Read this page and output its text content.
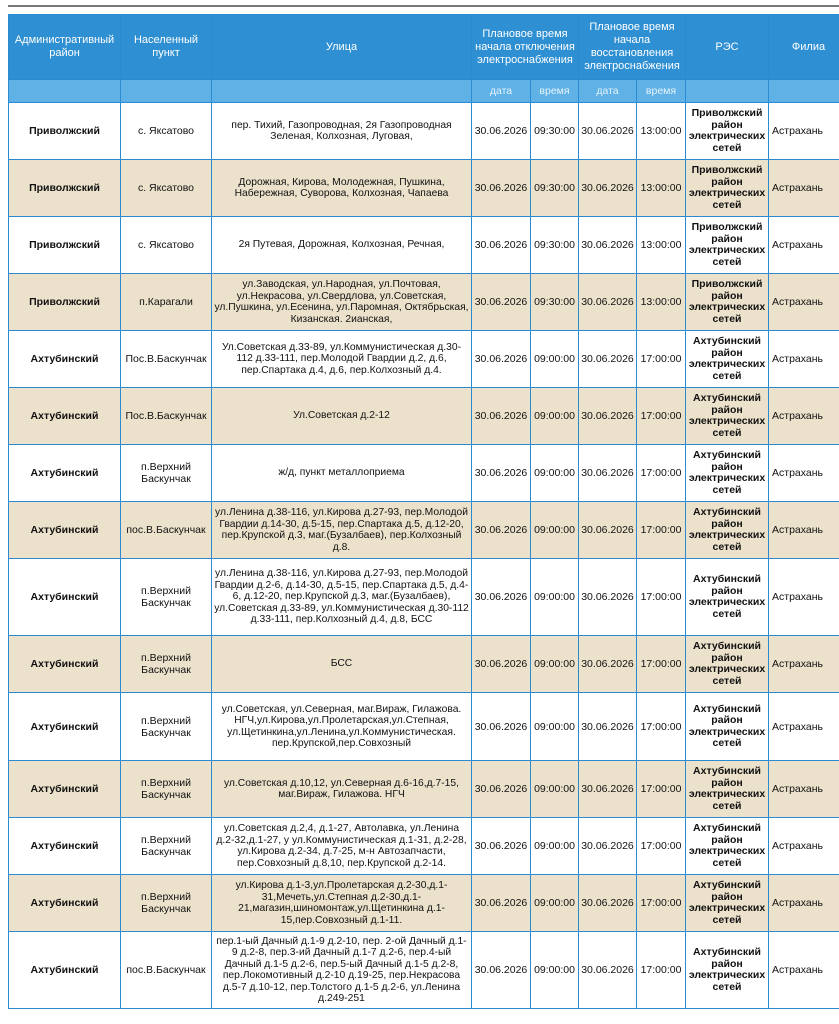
Административный район	Населенный пункт	Улица	Плановое время начала отключения электроснабжения		Плановое время начала восстановления электроснабжения		РЭС	Филиа
			дата	время	дата	время		
Приволжский	с. Яксатово	пер. Тихий, Газопроводная, 2я Газопроводная Зеленая, Колхозная, Луговая,	30.06.2026	09:30:00	30.06.2026	13:00:00	Приволжский район электрических сетей	Астрахань
Приволжский	с. Яксатово	Дорожная, Кирова, Молодежная, Пушкина, Набережная, Суворова, Колхозная, Чапаева	30.06.2026	09:30:00	30.06.2026	13:00:00	Приволжский район электрических сетей	Астрахань
Приволжский	с. Яксатово	2я Путевая, Дорожная, Колхозная, Речная,	30.06.2026	09:30:00	30.06.2026	13:00:00	Приволжский район электрических сетей	Астрахань
Приволжский	п.Карагали	ул.Заводская, ул.Народная, ул.Почтовая, ул.Некрасова, ул.Свердлова, ул.Советская, ул.Пушкина, ул.Есенина, ул.Паромная, Октябрьская, Кизанская. 2ианская,	30.06.2026	09:30:00	30.06.2026	13:00:00	Приволжский район электрических сетей	Астрахань
Ахтубинский	Пос.В.Баскунчак	Ул.Советская д.33-89, ул.Коммунистическая д.30-112 д.33-111, пер.Молодой Гвардии д.2, д.6, пер.Спартака д.4, д.6, пер.Колхозный д.4.	30.06.2026	09:00:00	30.06.2026	17:00:00	Ахтубинский район электрических сетей	Астрахань
Ахтубинский	Пос.В.Баскунчак	Ул.Советская д.2-12	30.06.2026	09:00:00	30.06.2026	17:00:00	Ахтубинский район электрических сетей	Астрахань
Ахтубинский	п.Верхний Баскунчак	ж/д, пункт металлоприема	30.06.2026	09:00:00	30.06.2026	17:00:00	Ахтубинский район электрических сетей	Астрахань
Ахтубинский	пос.В.Баскунчак	ул.Ленина д.38-116, ул.Кирова д.27-93, пер.Молодой Гвардии д.14-30, д.5-15, пер.Спартака д.5, д.12-20, пер.Крупской д.3, маг.(Бузалбаев), пер.Колхозный д.8.	30.06.2026	09:00:00	30.06.2026	17:00:00	Ахтубинский район электрических сетей	Астрахань
Ахтубинский	п.Верхний Баскунчак	ул.Ленина д.38-116, ул.Кирова д.27-93, пер.Молодой Гвардии д.2-6, д.14-30, д.5-15, пер.Спартака д.5, д.4-6, д.12-20, пер.Крупской д.3, маг.(Бузалбаев), ул.Советская д.33-89, ул.Коммунистическая д.30-112 д.33-111, пер.Колхозный д.4, д.8, БСС	30.06.2026	09:00:00	30.06.2026	17:00:00	Ахтубинский район электрических сетей	Астрахань
Ахтубинский	п.Верхний Баскунчак	БСС	30.06.2026	09:00:00	30.06.2026	17:00:00	Ахтубинский район электрических сетей	Астрахань
Ахтубинский	п.Верхний Баскунчак	ул.Советская, ул.Северная, маг.Вираж, Гилажова. НГЧ,ул.Кирова,ул.Пролетарская,ул.Степная, ул.Щетинкина,ул.Ленина,ул.Коммунистическая. пер.Крупской,пер.Совхозный	30.06.2026	09:00:00	30.06.2026	17:00:00	Ахтубинский район электрических сетей	Астрахань
Ахтубинский	п.Верхний Баскунчак	ул.Советская д.10,12, ул.Северная д.6-16,д.7-15, маг.Вираж, Гилажова. НГЧ	30.06.2026	09:00:00	30.06.2026	17:00:00	Ахтубинский район электрических сетей	Астрахань
Ахтубинский	п.Верхний Баскунчак	ул.Советская д.2,4, д.1-27, Автолавка, ул.Ленина д.2-32,д.1-27, у ул.Коммунистическая д.1-31, д.2-28, ул.Кирова д.2-34, д.7-25, м-н Автозапчасти, пер.Совхозный д.8,10, пер.Крупской д.2-14.	30.06.2026	09:00:00	30.06.2026	17:00:00	Ахтубинский район электрических сетей	Астрахань
Ахтубинский	п.Верхний Баскунчак	ул.Кирова д.1-3,ул.Пролетарская д.2-30,д.1-31,Мечеть,ул.Степная д.2-30,д.1-21,магазин,шиномонтаж,ул.Щетинкина д.1-15,пер.Совхозный д.1-11.	30.06.2026	09:00:00	30.06.2026	17:00:00	Ахтубинский район электрических сетей	Астрахань
Ахтубинский	пос.В.Баскунчак	пер.1-ый Дачный д.1-9 д.2-10, пер. 2-ой Дачный д.1-9 д.2-8, пер.3-ий Дачный д.1-7 д.2-6, пер.4-ый Дачный д.1-5 д.2-6, пер.5-ый Дачный д.1-5 д.2-8, пер.Локомотивный д.2-10 д.19-25, пер.Некрасова д.5-7 д.10-12, пер.Толстого д.1-5 д.2-6, ул.Ленина д.249-251	30.06.2026	09:00:00	30.06.2026	17:00:00	Ахтубинский район электрических сетей	Астрахань
